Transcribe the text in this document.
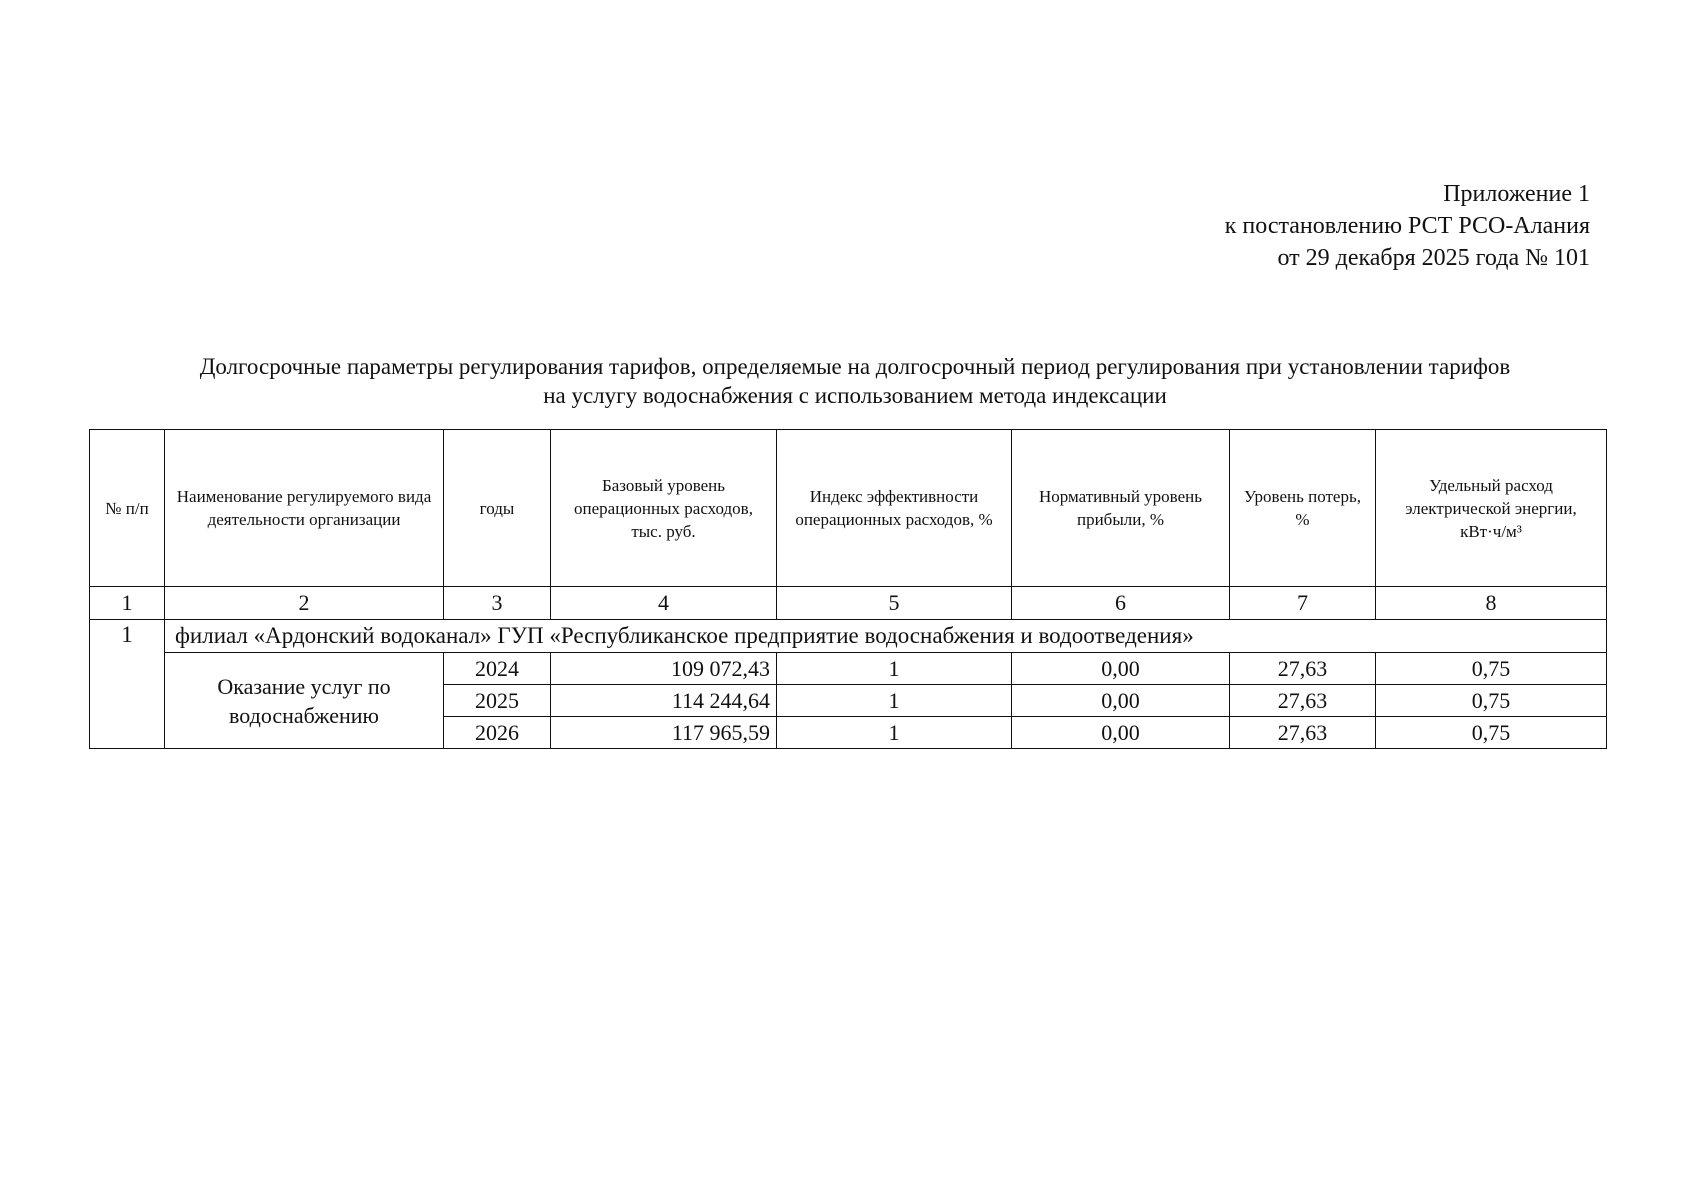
Приложение 1
к постановлению РСТ РСО-Алания
от 29 декабря 2025 года № 101
Долгосрочные параметры регулирования тарифов, определяемые на долгосрочный период регулирования при установлении тарифов
на услугу водоснабжения с использованием метода индексации
№ п/п	Наименование регулируемого вида деятельности организации	годы	Базовый уровень операционных расходов, тыс. руб.	Индекс эффективности операционных расходов, %	Нормативный уровень прибыли, %	Уровень потерь, %	Удельный расход электрической энергии, кВт·ч/м³
1	2	3	4	5	6	7	8
1	филиал «Ардонский водоканал» ГУП «Республиканское предприятие водоснабжения и водоотведения»						
	Оказание услуг по водоснабжению	2024	109 072,43	1	0,00	27,63	0,75
		2025	114 244,64	1	0,00	27,63	0,75
		2026	117 965,59	1	0,00	27,63	0,75
